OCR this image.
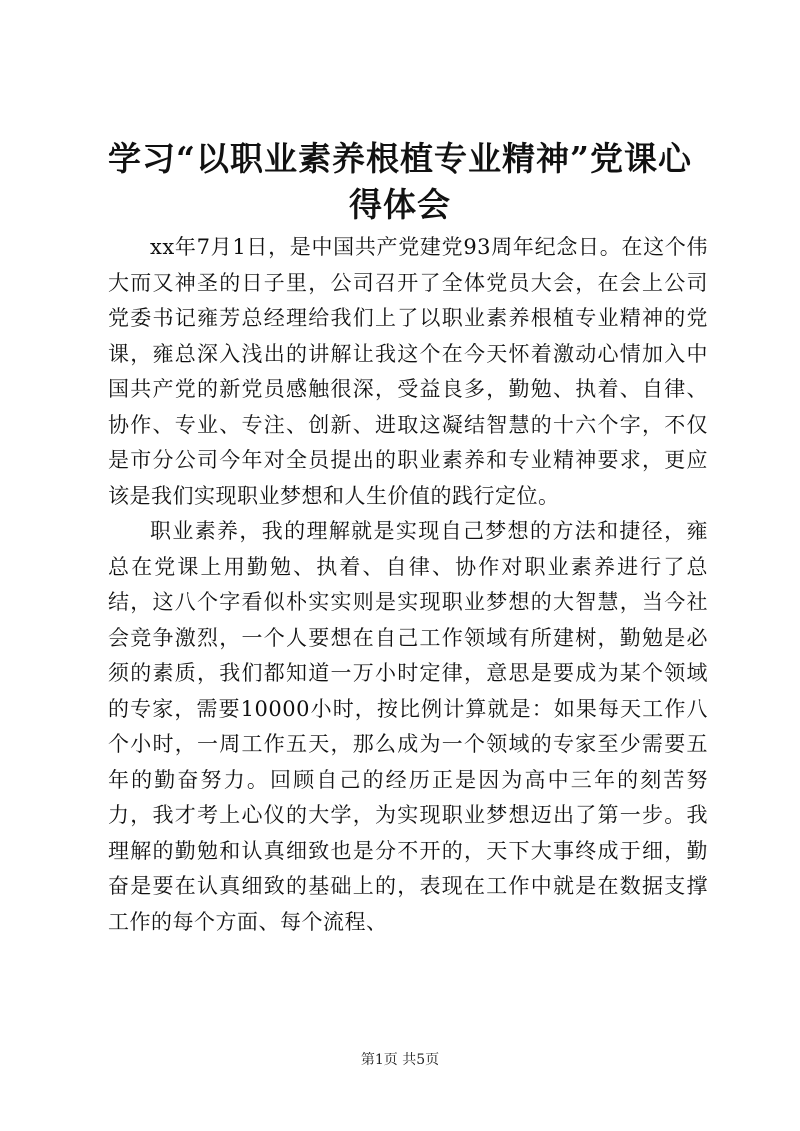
学习“以职业素养根植专业精神”党课心得体会

xx年7月1日，是中国共产党建党93周年纪念日。在这个伟大而又神圣的日子里，公司召开了全体党员大会，在会上公司党委书记雍芳总经理给我们上了以职业素养根植专业精神的党课，雍总深入浅出的讲解让我这个在今天怀着激动心情加入中国共产党的新党员感触很深，受益良多，勤勉、执着、自律、协作、专业、专注、创新、进取这凝结智慧的十六个字，不仅是市分公司今年对全员提出的职业素养和专业精神要求，更应该是我们实现职业梦想和人生价值的践行定位。

职业素养，我的理解就是实现自己梦想的方法和捷径，雍总在党课上用勤勉、执着、自律、协作对职业素养进行了总结，这八个字看似朴实实则是实现职业梦想的大智慧，当今社会竞争激烈，一个人要想在自己工作领域有所建树，勤勉是必须的素质，我们都知道一万小时定律，意思是要成为某个领域的专家，需要10000小时，按比例计算就是：如果每天工作八个小时，一周工作五天，那么成为一个领域的专家至少需要五年的勤奋努力。回顾自己的经历正是因为高中三年的刻苦努力，我才考上心仪的大学，为实现职业梦想迈出了第一步。我理解的勤勉和认真细致也是分不开的，天下大事终成于细，勤奋是要在认真细致的基础上的，表现在工作中就是在数据支撑工作的每个方面、每个流程、

第1页 共5页
